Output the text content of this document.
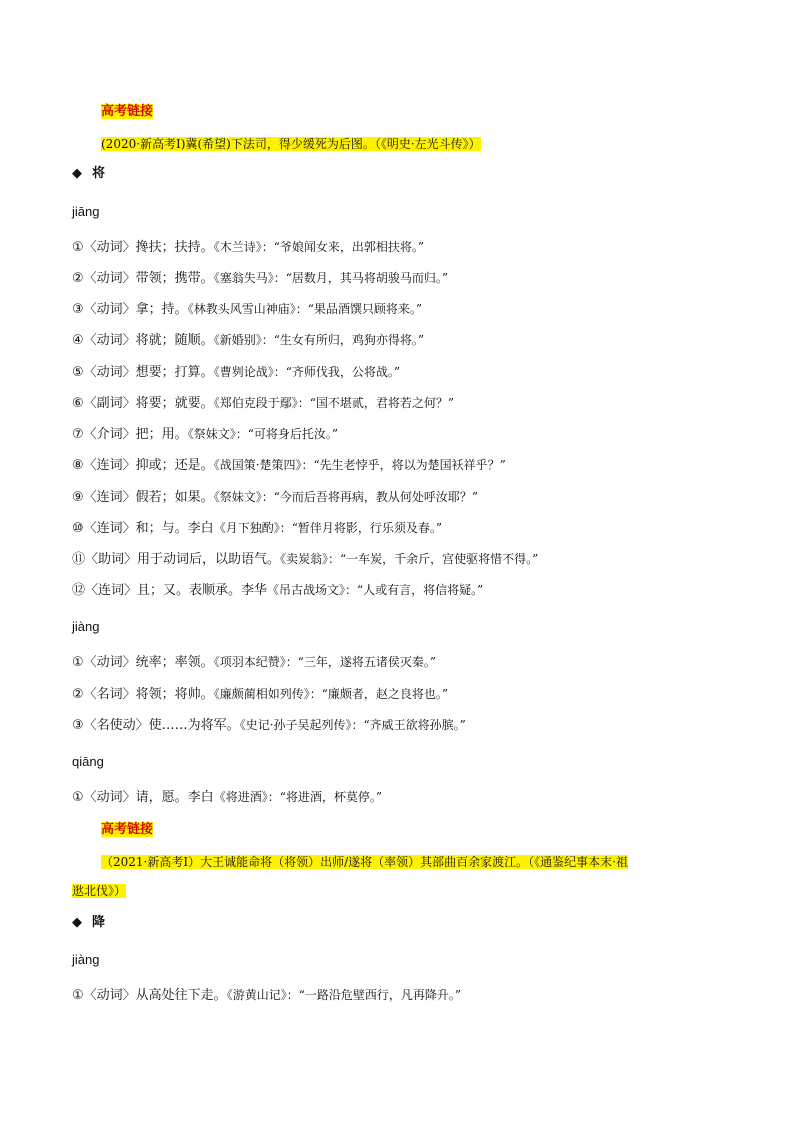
高考链接
(2020·新高考I)冀(希望)下法司，得少缓死为后图。（《明史·左光斗传》）
◆ 将
jiāng
①〈动词〉搀扶；扶持。《木兰诗》：“爷娘闻女来，出郭相扶将。”
②〈动词〉带领；携带。《塞翁失马》：“居数月，其马将胡骏马而归。”
③〈动词〉拿；持。《林教头风雪山神庙》：“果品酒馔只顾将来。”
④〈动词〉将就；随顺。《新婚别》：“生女有所归，鸡狗亦得将。”
⑤〈动词〉想要；打算。《曹刿论战》：“齐师伐我，公将战。”
⑥〈副词〉将要；就要。《郑伯克段于鄢》：“国不堪贰，君将若之何？”
⑦〈介词〉把；用。《祭妹文》：“可将身后托汝。”
⑧〈连词〉抑或；还是。《战国策·楚策四》：“先生老悖乎，将以为楚国袄祥乎？”
⑨〈连词〉假若；如果。《祭妹文》：“今而后吾将再病，教从何处呼汝耶？”
⑩〈连词〉和；与。李白《月下独酌》：“暂伴月将影，行乐须及春。”
⑪〈助词〉用于动词后，以助语气。《卖炭翁》：“一车炭，千余斤，宫使驱将惜不得。”
⑫〈连词〉且；又。表顺承。李华《吊古战场文》：“人或有言，将信将疑。”
jiàng
①〈动词〉统率；率领。《项羽本纪赞》：“三年，遂将五诸侯灭秦。”
②〈名词〉将领；将帅。《廉颇蔺相如列传》：“廉颇者，赵之良将也。”
③〈名使动〉使……为将军。《史记·孙子吴起列传》：“齐威王欲将孙膑。”
qiāng
①〈动词〉请，愿。李白《将进酒》：“将进酒，杯莫停。”
高考链接
（2021·新高考I）大王诚能命将（将领）出师/遂将（率领）其部曲百余家渡江。（《通鉴纪事本末·祖
逖北伐》）
◆ 降
jiàng
①〈动词〉从高处往下走。《游黄山记》：“一路沿危壁西行，凡再降升。”
